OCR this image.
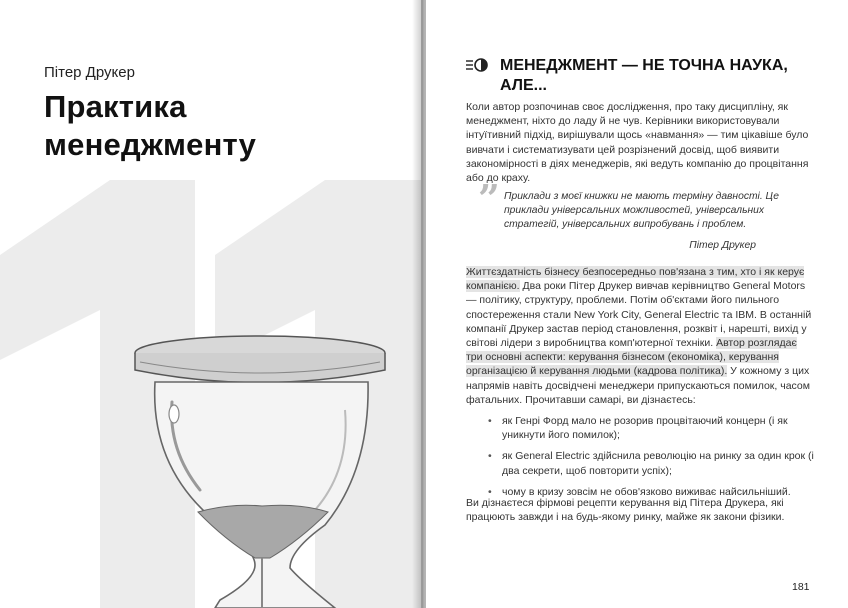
Пітер Друкер
Практика
менеджменту
МЕНЕДЖМЕНТ — НЕ ТОЧНА НАУКА, АЛЕ...

Коли автор розпочинав своє дослідження, про таку дисципліну, як менеджмент, ніхто до ладу й не чув. Керівники використовували інтуїтивний підхід, вирішували щось «навмання» — тим цікавіше було вивчати і систематизувати цей розрізнений досвід, щоб виявити закономірності в діях менеджерів, які ведуть компанію до процвітання або до краху.

” Приклади з моєї книжки не мають терміну давності. Це приклади універсальних можливостей, універсальних стратегій, універсальних випробувань і проблем.
Пітер Друкер

Життєздатність бізнесу безпосередньо пов'язана з тим, хто і як керує компанією. Два роки Пітер Друкер вивчав керівництво General Motors — політику, структуру, проблеми. Потім об'єктами його пильного спостереження стали New York City, General Electric та IBM. В останній компанії Друкер застав період становлення, розквіт і, нарешті, вихід у світові лідери з виробництва комп'ютерної техніки. Автор розглядає три основні аспекти: керування бізнесом (економіка), керування організацією й керування людьми (кадрова політика). У кожному з цих напрямів навіть досвідчені менеджери припускаються помилок, часом фатальних. Прочитавши самарі, ви дізнаєтесь:

• як Генрі Форд мало не розорив процвітаючий концерн (і як уникнути його помилок);
• як General Electric здійснила революцію на ринку за один крок (і два секрети, щоб повторити успіх);
• чому в кризу зовсім не обов'язково виживає найсильніший.

Ви дізнаєтеся фірмові рецепти керування від Пітера Друкера, які працюють завжди і на будь-якому ринку, майже як закони фізики.

181
